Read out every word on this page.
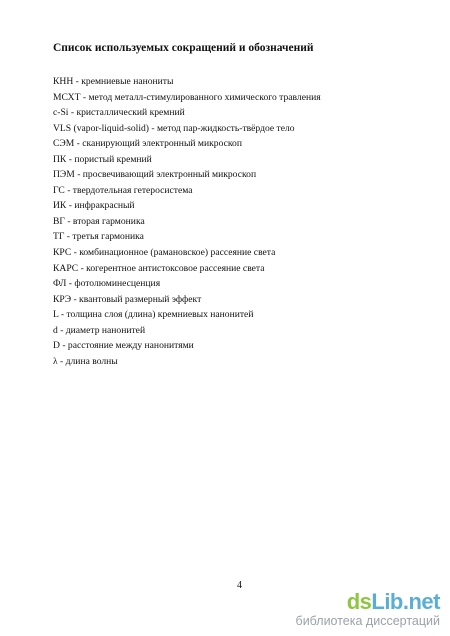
Список используемых сокращений и обозначений
КНН - кремниевые нанониты
МСХТ - метод металл-стимулированного химического травления
c-Si - кристаллический кремний
VLS (vapor-liquid-solid) - метод пар-жидкость-твёрдое тело
СЭМ - сканирующий электронный микроскоп
ПК - пористый кремний
ПЭМ - просвечивающий электронный микроскоп
ГС - твердотельная гетеросистема
ИК - инфракрасный
ВГ - вторая гармоника
ТГ - третья гармоника
КРС - комбинационное (рамановское) рассеяние света
КАРС - когерентное антистоксовое рассеяние света
ФЛ - фотолюминесценция
КРЭ - квантовый размерный эффект
L - толщина слоя (длина) кремниевых нанонитей
d - диаметр нанонитей
D - расстояние между нанонитями
λ - длина волны
4
dsLib.net
библиотека диссертаций
